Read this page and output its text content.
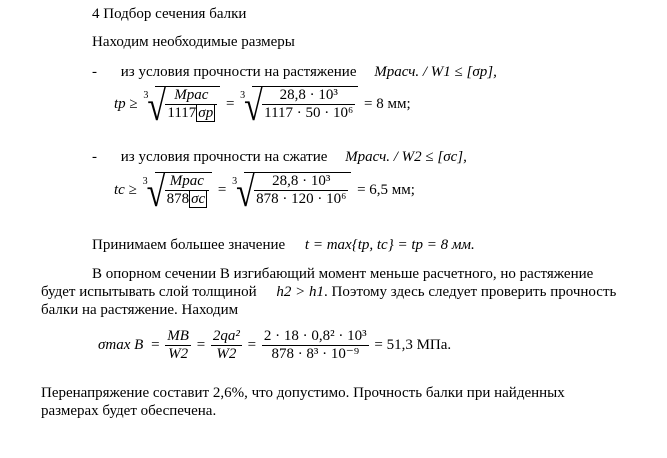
4 Подбор сечения балки
Находим необходимые размеры
- из условия прочности на растяжение Mрасч. / W1 ≤ [σр],
tр ≥ 3 √ $\frac{\text{Mрас}}{1117 \sigma р} = 3$ √ $\frac{\text{28,8 · 10³}}{\text{1117 · 50 · 10⁶}} = 8$ мм;
- из условия прочности на сжатие Mрасч. / W2 ≤ [σс],
tс ≥ 3 √ $\frac{\text{Mрас}}{878 \sigma с} = 3$ √ $\frac{\text{28,8 · 10³}}{\text{878 · 120 · 10⁶}} = 6,5$ мм;
Принимаем большее значение t = max{tр, tс} = tр = 8 мм.
В опорном сечении B изгибающий момент меньше расчетного, но растяжение
будет испытывать слой толщиной h2 > h1. Поэтому здесь следует проверить прочность
балки на растяжение. Находим
σmax $B = \frac{MB}{W2} = \frac{\text{2qa²}}{W2} = \frac{\text{2 · 18 · 0,8² · 10³}}{\text{878 · 8³ · 10⁻⁹}} = 51,3$ МПа.
Перенапряжение составит 2,6%, что допустимо. Прочность балки при найденных
размерах будет обеспечена.
